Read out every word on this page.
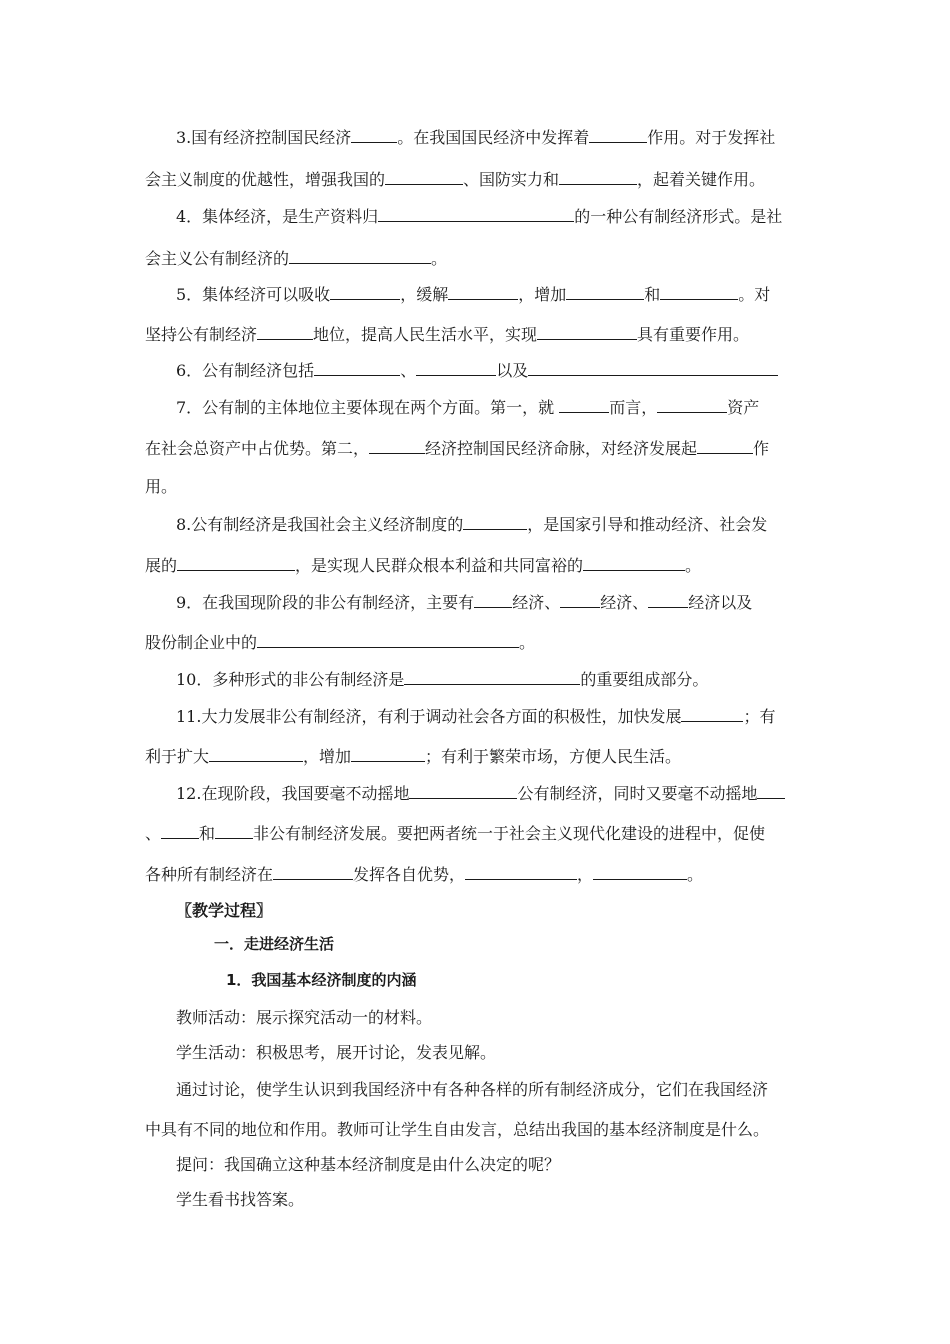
3.国有经济控制国民经济	。在我国国民经济中发挥着	作用。对于发挥社
会主义制度的优越性，增强我国的	、国防实力和	，起着关键作用。
4．集体经济，是生产资料归	的一种公有制经济形式。是社
会主义公有制经济的	。
5．集体经济可以吸收	，缓解	，增加	和	。对
坚持公有制经济	地位，提高人民生活水平，实现	具有重要作用。
6．公有制经济包括	、	以及
7．公有制的主体地位主要体现在两个方面。第一，就	而言，	资产
在社会总资产中占优势。第二，	经济控制国民经济命脉，对经济发展起	作
用。
8.公有制经济是我国社会主义经济制度的	，是国家引导和推动经济、社会发
展的	，是实现人民群众根本利益和共同富裕的	。
9．在我国现阶段的非公有制经济，主要有 经济、	经济、	经济以及
股份制企业中的	。
10．多种形式的非公有制经济是	的重要组成部分。
11.大力发展非公有制经济，有利于调动社会各方面的积极性，加快发展	；有
利于扩大	，增加	；有利于繁荣市场，方便人民生活。
12.在现阶段，我国要毫不动摇地	公有制经济，同时又要毫不动摇地
、 和 非公有制经济发展。要把两者统一于社会主义现代化建设的进程中，促使
各种所有制经济在	发挥各自优势，	，	。
〖教学过程〗
一．走进经济生活
1．我国基本经济制度的内涵
教师活动：展示探究活动一的材料。
学生活动：积极思考，展开讨论，发表见解。
通过讨论，使学生认识到我国经济中有各种各样的所有制经济成分，它们在我国经济
中具有不同的地位和作用。教师可让学生自由发言，总结出我国的基本经济制度是什么。
提问：我国确立这种基本经济制度是由什么决定的呢？
学生看书找答案。
